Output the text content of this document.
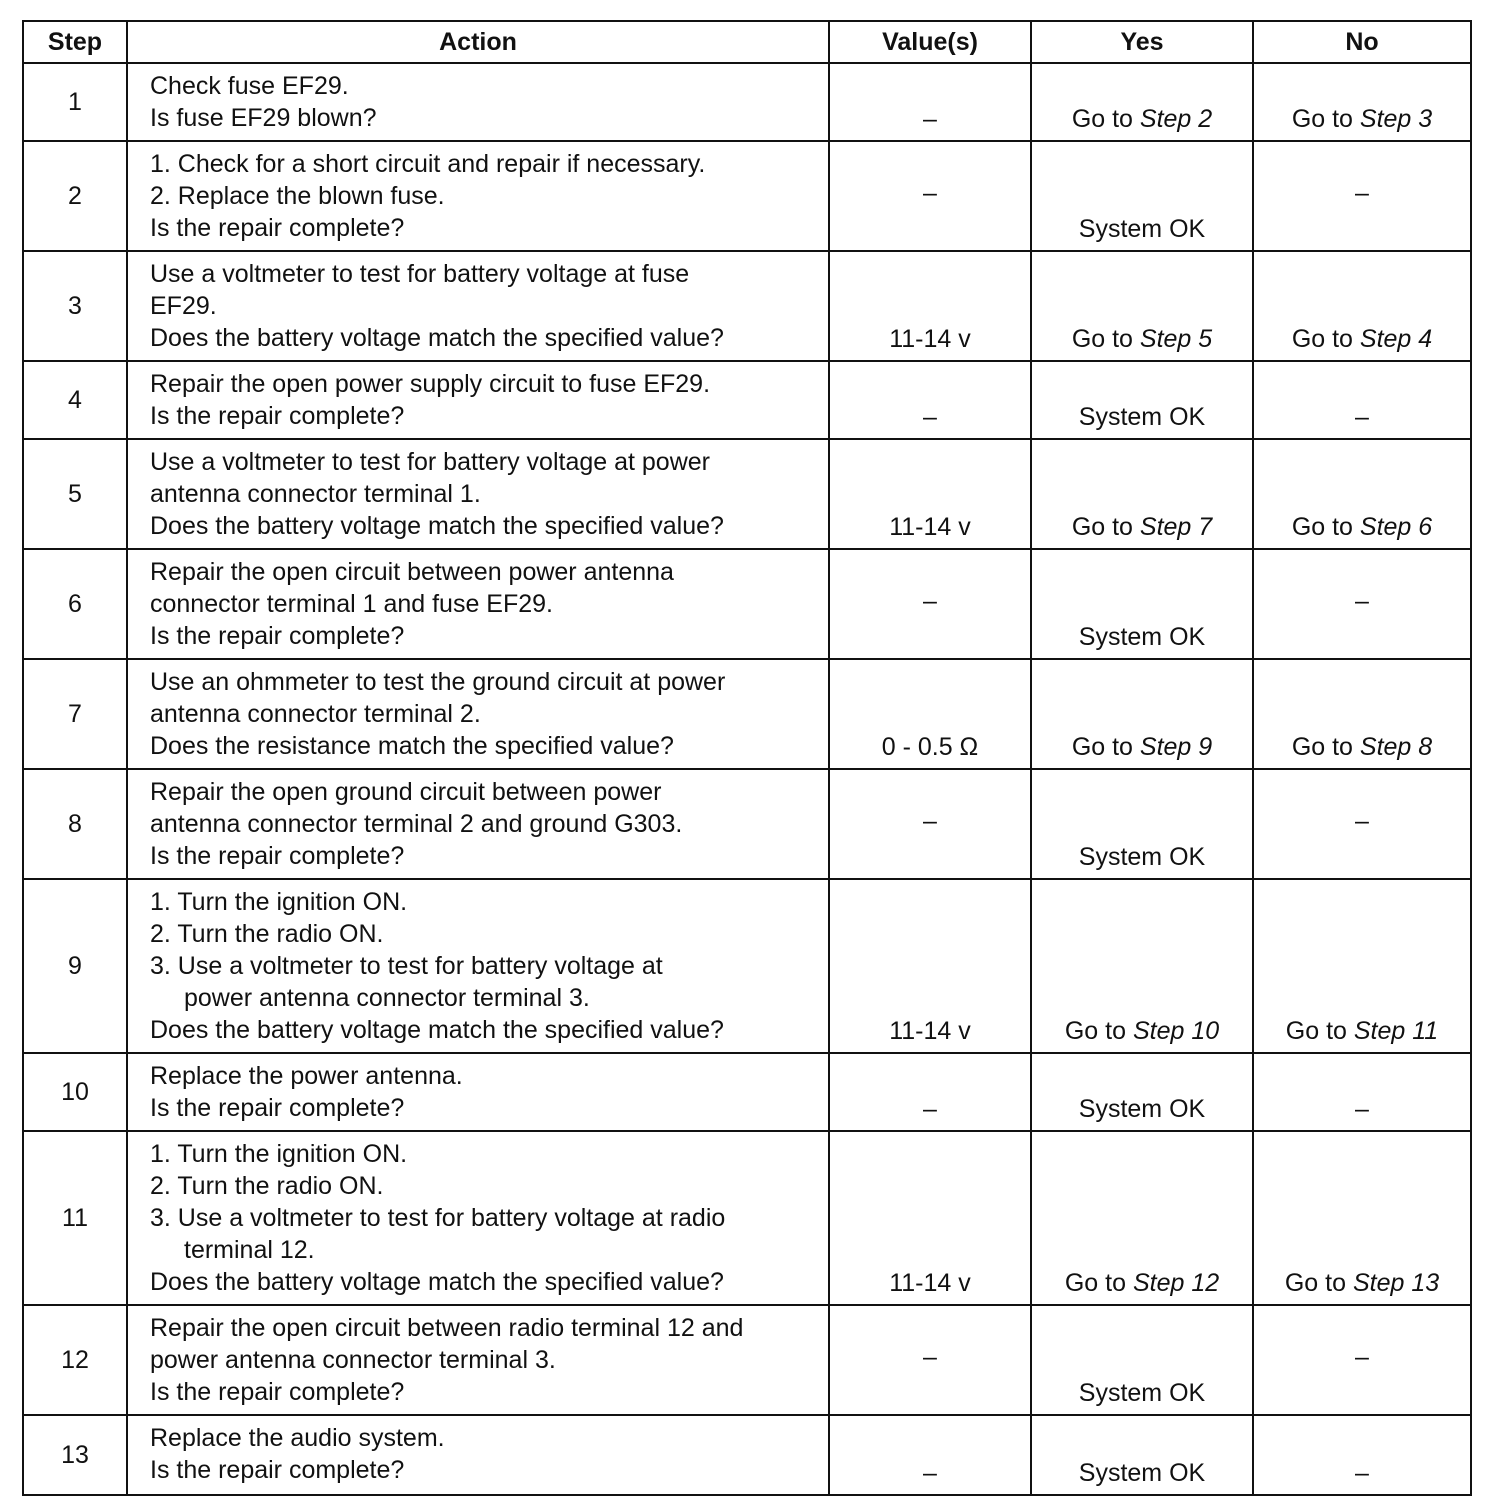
Step	Action	Value(s)	Yes	No
1	Check fuse EF29.
Is fuse EF29 blown?	–	Go to Step 2	Go to Step 3
2	1. Check for a short circuit and repair if necessary.
2. Replace the blown fuse.
Is the repair complete?	–	System OK	–
3	Use a voltmeter to test for battery voltage at fuse
EF29.
Does the battery voltage match the specified value?	11-14 v	Go to Step 5	Go to Step 4
4	Repair the open power supply circuit to fuse EF29.
Is the repair complete?	–	System OK	–
5	Use a voltmeter to test for battery voltage at power
antenna connector terminal 1.
Does the battery voltage match the specified value?	11-14 v	Go to Step 7	Go to Step 6
6	Repair the open circuit between power antenna
connector terminal 1 and fuse EF29.
Is the repair complete?	–	System OK	–
7	Use an ohmmeter to test the ground circuit at power
antenna connector terminal 2.
Does the resistance match the specified value?	0 - 0.5 Ω	Go to Step 9	Go to Step 8
8	Repair the open ground circuit between power
antenna connector terminal 2 and ground G303.
Is the repair complete?	–	System OK	–
9	1. Turn the ignition ON.
2. Turn the radio ON.
3. Use a voltmeter to test for battery voltage at
power antenna connector terminal 3.
Does the battery voltage match the specified value?	11-14 v	Go to Step 10	Go to Step 11
10	Replace the power antenna.
Is the repair complete?	–	System OK	–
11	1. Turn the ignition ON.
2. Turn the radio ON.
3. Use a voltmeter to test for battery voltage at radio
terminal 12.
Does the battery voltage match the specified value?	11-14 v	Go to Step 12	Go to Step 13
12	Repair the open circuit between radio terminal 12 and
power antenna connector terminal 3.
Is the repair complete?	–	System OK	–
13	Replace the audio system.
Is the repair complete?	–	System OK	–
